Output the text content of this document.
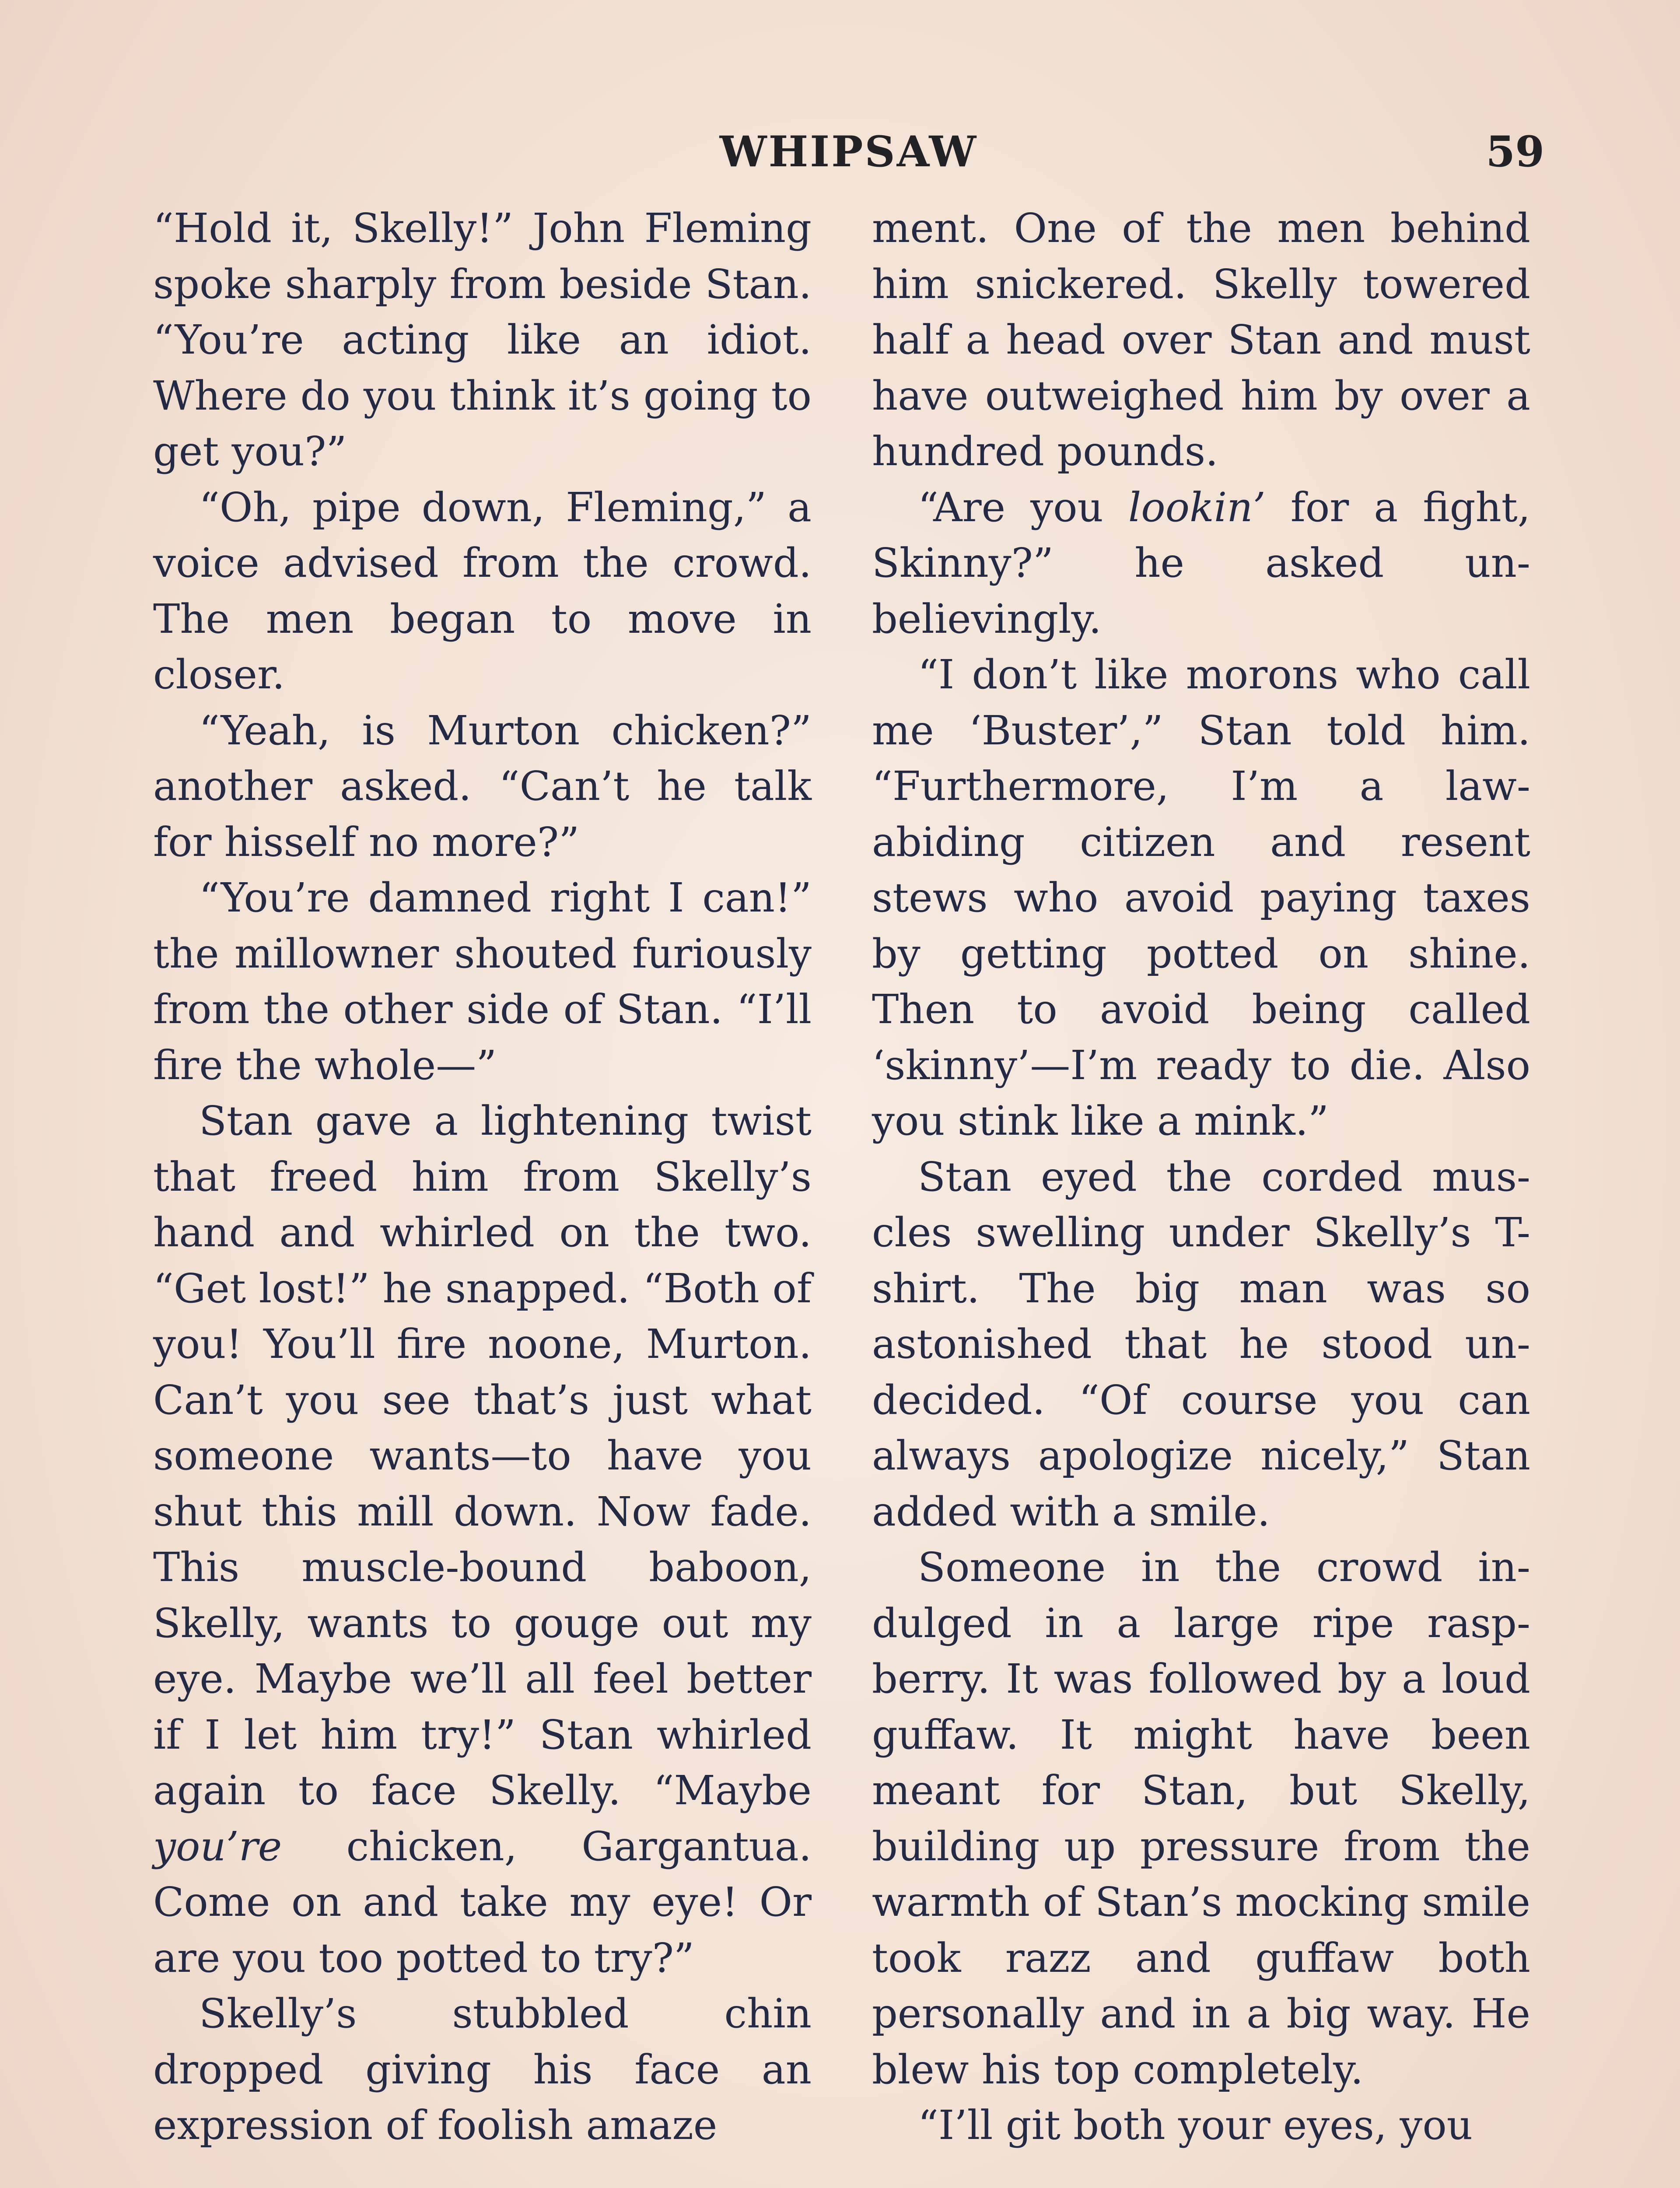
WHIPSAW	59

“Hold it, Skelly!” John Fleming spoke sharply from beside Stan. “You’re acting like an idiot. Where do you think it’s going to get you?”

“Oh, pipe down, Fleming,” a voice advised from the crowd. The men began to move in closer.

“Yeah, is Murton chicken?” another asked. “Can’t he talk for hisself no more?”

“You’re damned right I can!” the millowner shouted furiously from the other side of Stan. “I’ll fire the whole—”

Stan gave a lightening twist that freed him from Skelly’s hand and whirled on the two. “Get lost!” he snapped. “Both of you! You’ll fire noone, Murton. Can’t you see that’s just what someone wants—to have you shut this mill down. Now fade. This muscle-bound baboon, Skelly, wants to gouge out my eye. Maybe we’ll all feel better if I let him try!” Stan whirled again to face Skelly. “Maybe you’re chicken, Gargantua. Come on and take my eye! Or are you too potted to try?”

Skelly’s stubbled chin dropped giving his face an expression of foolish amaze

ment. One of the men behind him snickered. Skelly towered half a head over Stan and must have outweighed him by over a hundred pounds.

“Are you lookin’ for a fight, Skinny?” he asked unbelievingly.

“I don’t like morons who call me ‘Buster’,” Stan told him. “Furthermore, I’m a law-abiding citizen and resent stews who avoid paying taxes by getting potted on shine. Then to avoid being called ‘skinny’—I’m ready to die. Also you stink like a mink.”

Stan eyed the corded muscles swelling under Skelly’s T-shirt. The big man was so astonished that he stood undecided. “Of course you can always apologize nicely,” Stan added with a smile.

Someone in the crowd indulged in a large ripe raspberry. It was followed by a loud guffaw. It might have been meant for Stan, but Skelly, building up pressure from the warmth of Stan’s mocking smile took razz and guffaw both personally and in a big way. He blew his top completely.

“I’ll git both your eyes, you
